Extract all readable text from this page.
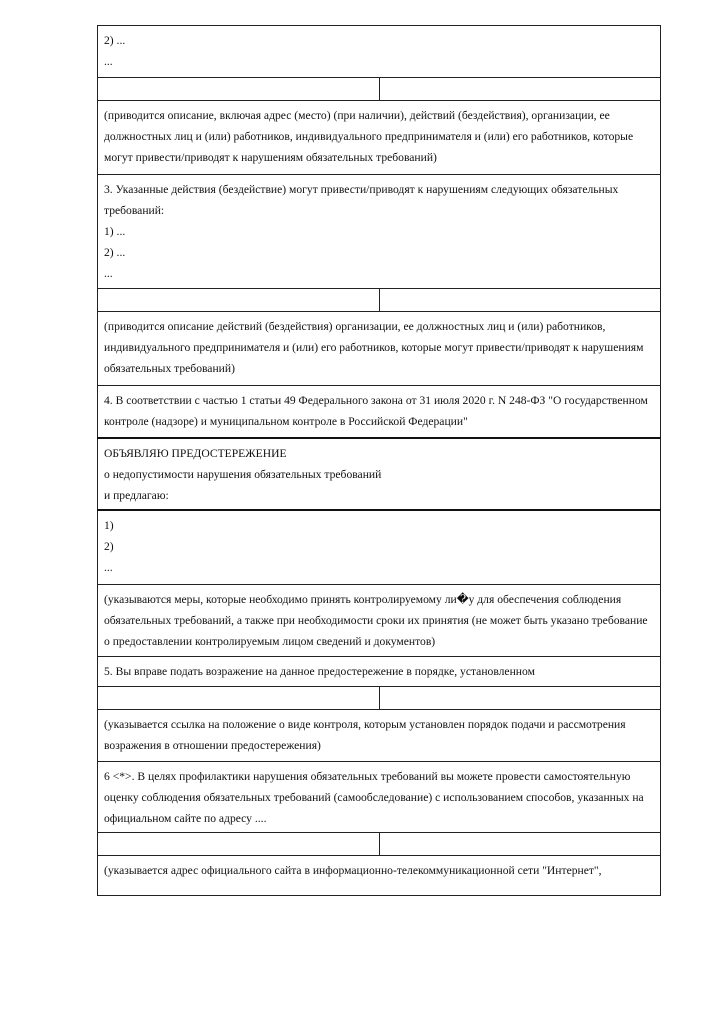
2) ...
...	

(приводится описание, включая адрес (место) (при наличии), действий (бездействия), организации, ее должностных лиц и (или) работников, индивидуального предпринимателя и (или) его работников, которые могут привести/приводят к нарушениям обязательных требований)	

3. Указанные действия (бездействие) могут привести/приводят к нарушениям следующих обязательных требований:
1) ...
2) ...
...	

(приводится описание действий (бездействия) организации, ее должностных лиц и (или) работников, индивидуального предпринимателя и (или) его работников, которые могут привести/приводят к нарушениям обязательных требований)	

4. В соответствии с частью 1 статьи 49 Федерального закона от 31 июля 2020 г. N 248-ФЗ "О государственном контроле (надзоре) и муниципальном контроле в Российской Федерации"	

ОБЪЯВЛЯЮ ПРЕДОСТЕРЕЖЕНИЕ
о недопустимости нарушения обязательных требований
и предлагаю:	

1)
2)
...	

(указываются меры, которые необходимо принять контролируемому ли�у для обеспечения соблюдения обязательных требований, а также при необходимости сроки их принятия (не может быть указано требование о предоставлении контролируемым лицом сведений и документов)	

5. Вы вправе подать возражение на данное предостережение в порядке, установленном	

(указывается ссылка на положение о виде контроля, которым установлен порядок подачи и рассмотрения возражения в отношении предостережения)	

6 <*>. В целях профилактики нарушения обязательных требований вы можете провести самостоятельную оценку соблюдения обязательных требований (самообследование) с использованием способов, указанных на официальном сайте по адресу ....	

(указывается адрес официального сайта в информационно-телекоммуникационной сети "Интернет",	
